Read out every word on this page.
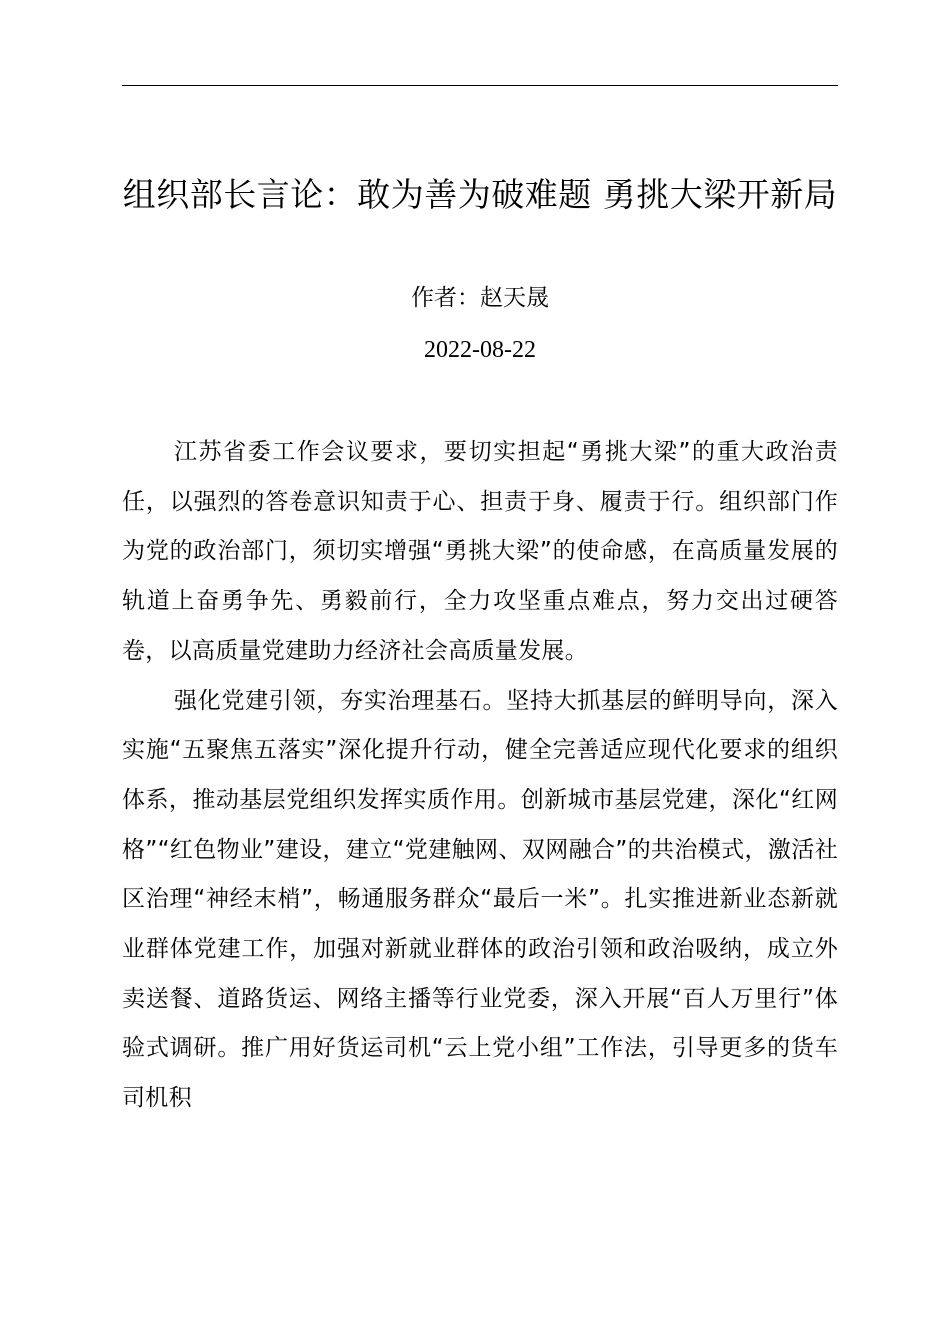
组织部长言论：敢为善为破难题 勇挑大梁开新局
作者：赵天晟
2022-08-22

江苏省委工作会议要求，要切实担起“勇挑大梁”的重大政治责任，以强烈的答卷意识知责于心、担责于身、履责于行。组织部门作为党的政治部门，须切实增强“勇挑大梁”的使命感，在高质量发展的轨道上奋勇争先、勇毅前行，全力攻坚重点难点，努力交出过硬答卷，以高质量党建助力经济社会高质量发展。

强化党建引领，夯实治理基石。坚持大抓基层的鲜明导向，深入实施“五聚焦五落实”深化提升行动，健全完善适应现代化要求的组织体系，推动基层党组织发挥实质作用。创新城市基层党建，深化“红网格”“红色物业”建设，建立“党建触网、双网融合”的共治模式，激活社区治理“神经末梢”，畅通服务群众“最后一米”。扎实推进新业态新就业群体党建工作，加强对新就业群体的政治引领和政治吸纳，成立外卖送餐、道路货运、网络主播等行业党委，深入开展“百人万里行”体验式调研。推广用好货运司机“云上党小组”工作法，引导更多的货车司机积
